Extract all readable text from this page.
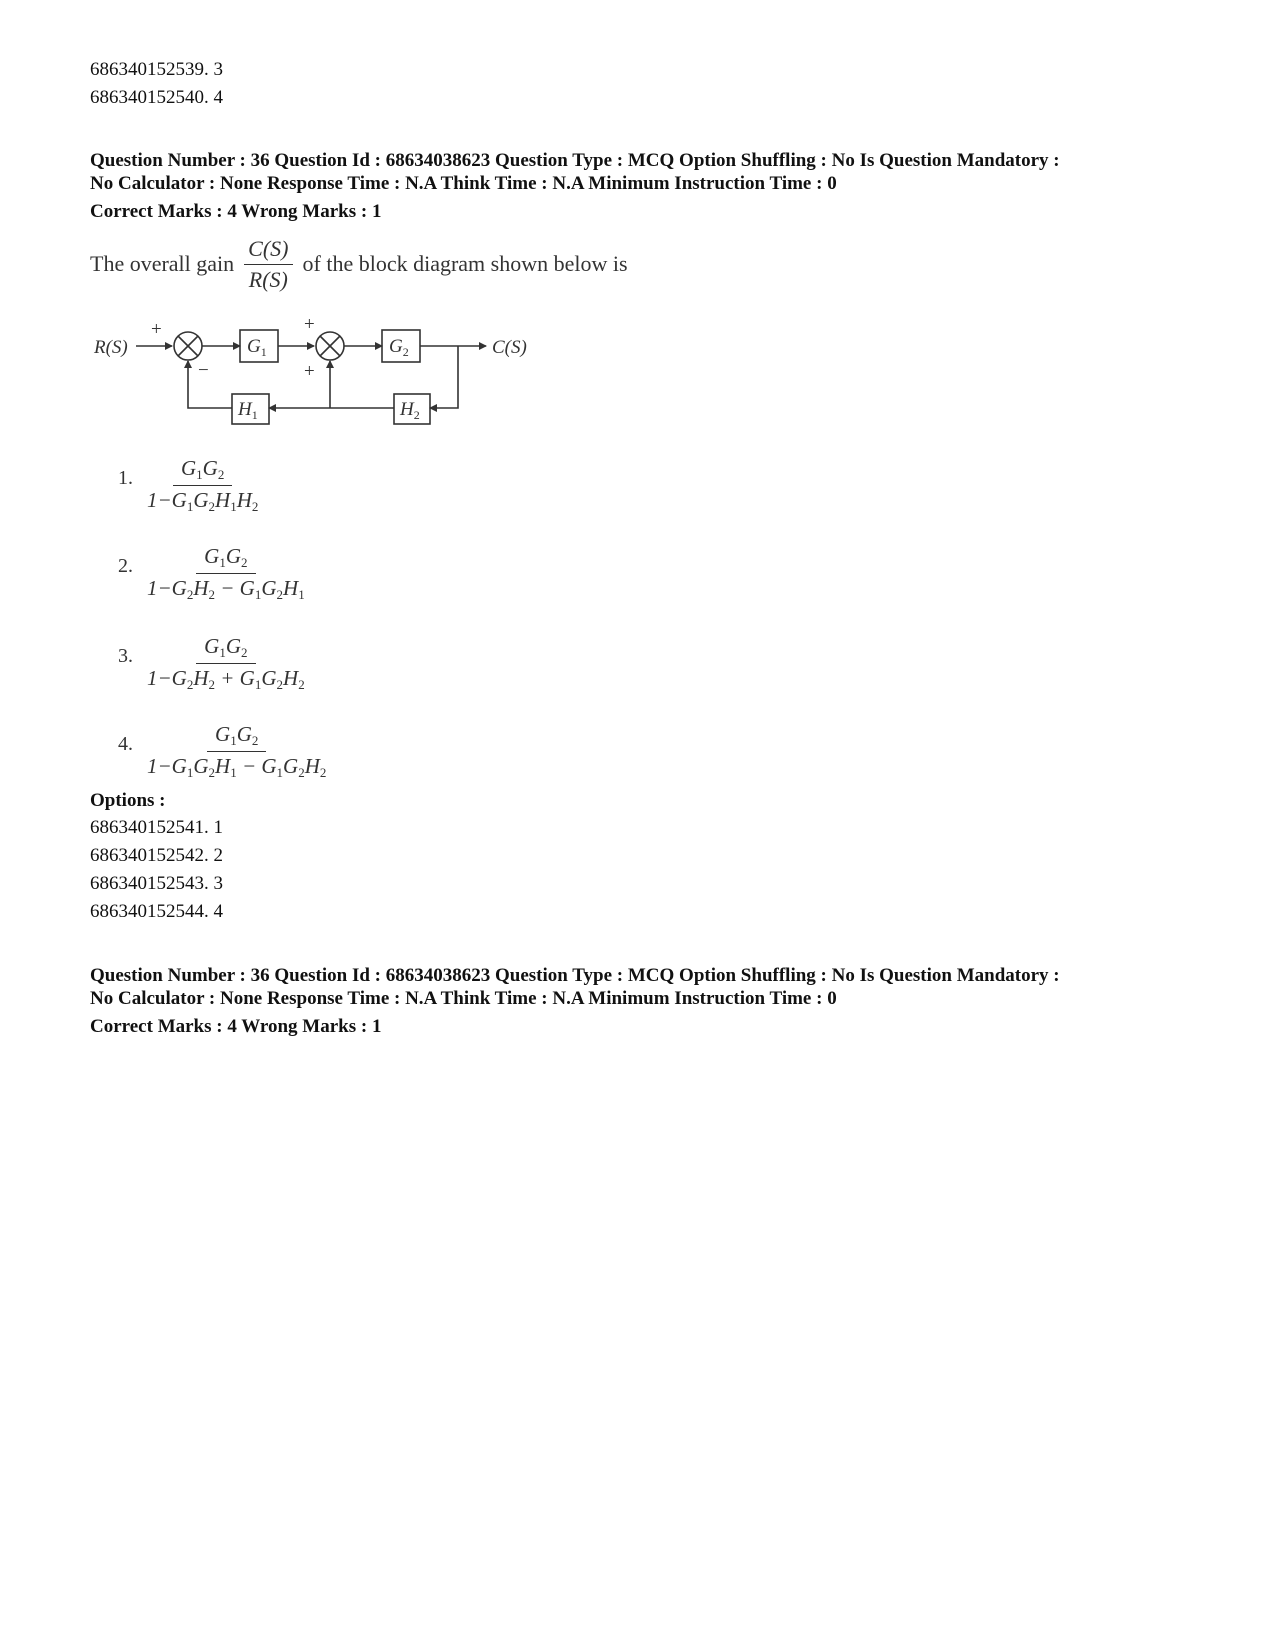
686340152539. 3
686340152540. 4
Question Number : 36 Question Id : 68634038623 Question Type : MCQ Option Shuffling : No Is Question Mandatory :
No Calculator : None Response Time : N.A Think Time : N.A Minimum Instruction Time : 0
Correct Marks : 4 Wrong Marks : 1
The overall gain $\frac{C(S)}{R(S)}$ of the block diagram shown below is
R(S)	C(S)
$G_1$	$G_2$
$H_1$	$H_2$
+
−
+
+
1. $\frac{G_1G_2}{1-G_1G_2H_1H_2}$
2. $\frac{G_1G_2}{1-G_2H_2 - G_1G_2H_1}$
3. $\frac{G_1G_2}{1-G_2H_2 + G_1G_2H_2}$
4. $\frac{G_1G_2}{1-G_1G_2H_1 - G_1G_2H_2}$
Options :
686340152541. 1
686340152542. 2
686340152543. 3
686340152544. 4
Question Number : 36 Question Id : 68634038623 Question Type : MCQ Option Shuffling : No Is Question Mandatory :
No Calculator : None Response Time : N.A Think Time : N.A Minimum Instruction Time : 0
Correct Marks : 4 Wrong Marks : 1
